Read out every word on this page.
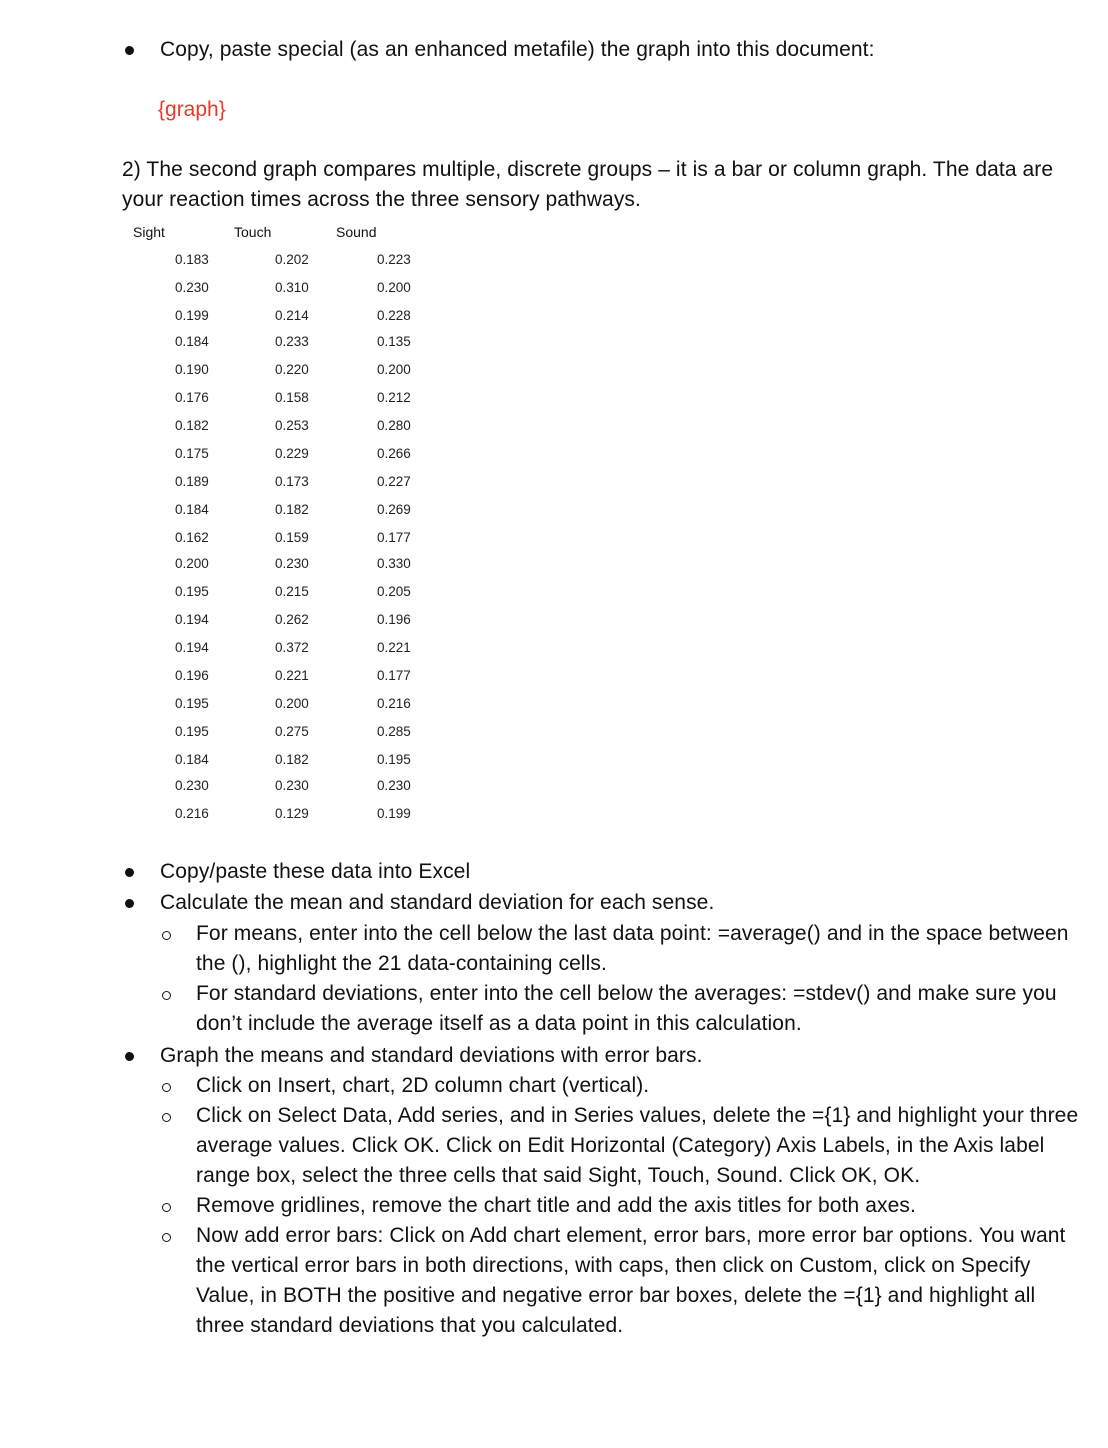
Copy, paste special (as an enhanced metafile) the graph into this document:
{graph}
2) The second graph compares multiple, discrete groups – it is a bar or column graph. The data are your reaction times across the three sensory pathways.
Sight	Touch	Sound
0.183
0.230
0.199
0.184
0.190
0.176
0.182
0.175
0.189
0.184
0.162
0.200
0.195
0.194
0.194
0.196
0.195
0.195
0.184
0.230
0.216
0.202
0.310
0.214
0.233
0.220
0.158
0.253
0.229
0.173
0.182
0.159
0.230
0.215
0.262
0.372
0.221
0.200
0.275
0.182
0.230
0.129
0.223
0.200
0.228
0.135
0.200
0.212
0.280
0.266
0.227
0.269
0.177
0.330
0.205
0.196
0.221
0.177
0.216
0.285
0.195
0.230
0.199
Copy/paste these data into Excel
Calculate the mean and standard deviation for each sense.
For means, enter into the cell below the last data point: =average() and in the space between the (), highlight the 21 data-containing cells.
For standard deviations, enter into the cell below the averages: =stdev() and make sure you don’t include the average itself as a data point in this calculation.
Graph the means and standard deviations with error bars.
Click on Insert, chart, 2D column chart (vertical).
Click on Select Data, Add series, and in Series values, delete the ={1} and highlight your three average values. Click OK. Click on Edit Horizontal (Category) Axis Labels, in the Axis label range box, select the three cells that said Sight, Touch, Sound. Click OK, OK.
Remove gridlines, remove the chart title and add the axis titles for both axes.
Now add error bars: Click on Add chart element, error bars, more error bar options. You want the vertical error bars in both directions, with caps, then click on Custom, click on Specify Value, in BOTH the positive and negative error bar boxes, delete the ={1} and highlight all three standard deviations that you calculated.
